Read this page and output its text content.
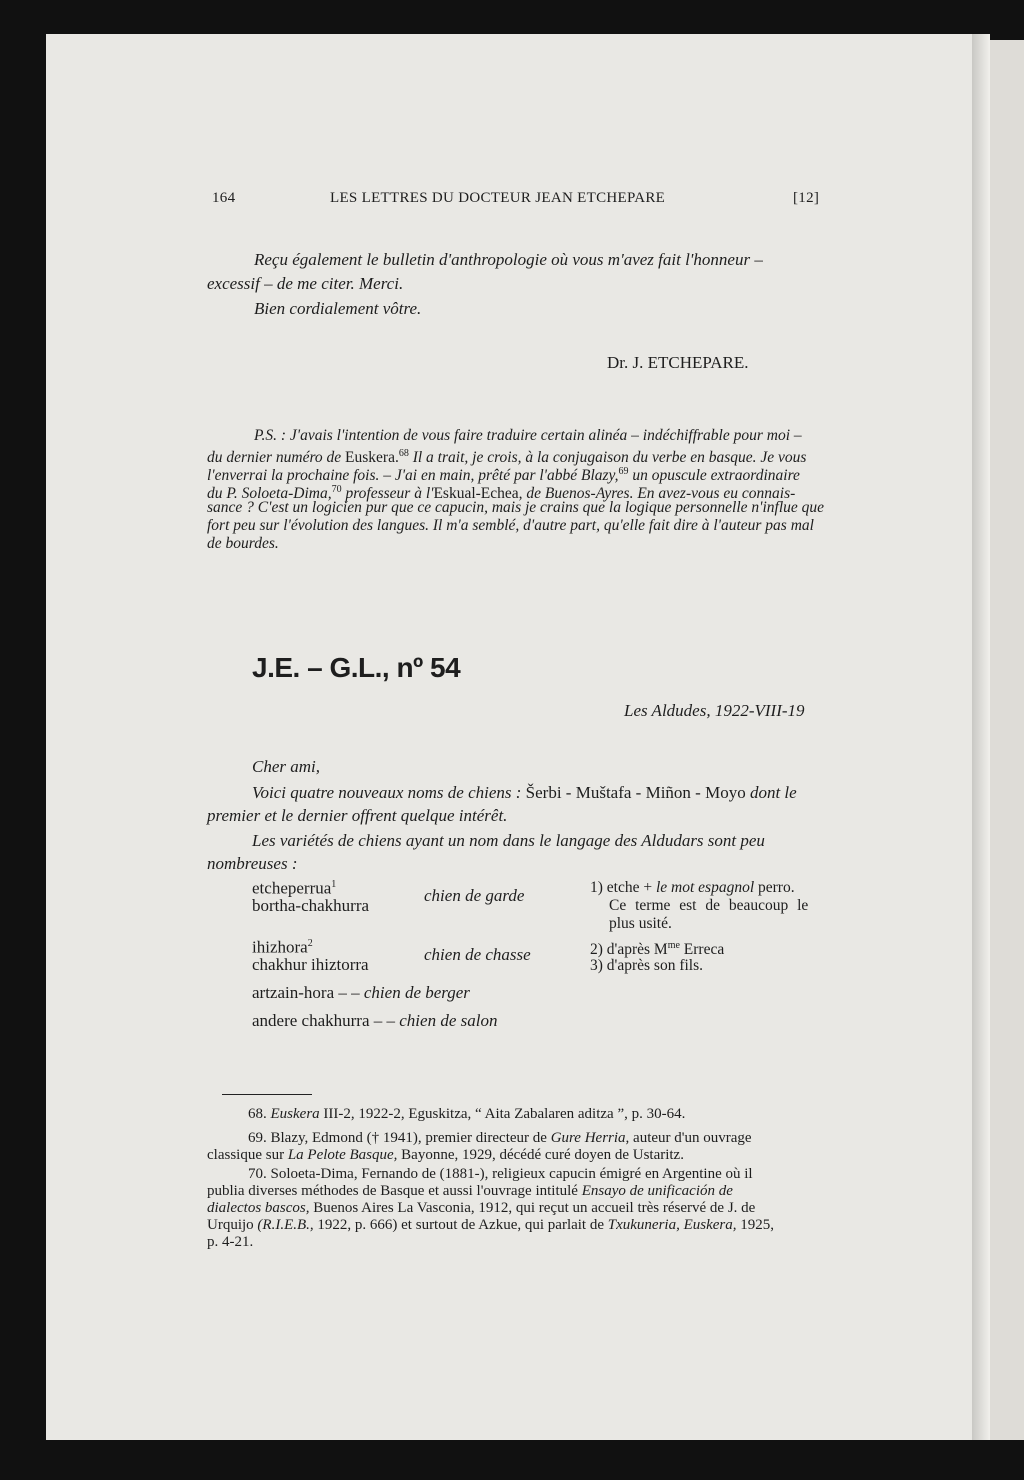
164	LES LETTRES DU DOCTEUR JEAN ETCHEPARE	[12]
Reçu également le bulletin d'anthropologie où vous m'avez fait l'honneur –
excessif – de me citer. Merci.
Bien cordialement vôtre.
Dr. J. ETCHEPARE.
P.S. : J'avais l'intention de vous faire traduire certain alinéa – indéchiffrable pour moi –
du dernier numéro de Euskera.$^{68}$ Il a trait, je crois, à la conjugaison du verbe en basque. Je vous
l'enverrai la prochaine fois. – J'ai en main, prêté par l'abbé Blazy,$^{69}$ un opuscule extraordinaire
du P. Soloeta-Dima,$^{70}$ professeur à l'Eskual-Echea, de Buenos-Ayres. En avez-vous eu connais-
sance ? C'est un logicien pur que ce capucin, mais je crains que la logique personnelle n'influe que
fort peu sur l'évolution des langues. Il m'a semblé, d'autre part, qu'elle fait dire à l'auteur pas mal
de bourdes.
J.E. – G.L., nº 54
Les Aldudes, 1922-VIII-19
Cher ami,
Voici quatre nouveaux noms de chiens : Šerbi - Muštafa - Miñon - Moyo dont le
premier et le dernier offrent quelque intérêt.
Les variétés de chiens ayant un nom dans le langage des Aldudars sont peu
nombreuses :
etcheperrua$^1$
bortha-chakhurra
chien de garde
ihizhora$^2$
chakhur ihiztorra
chien de chasse
artzain-hora – – chien de berger
andere chakhurra – – chien de salon
1) etche + le mot espagnol perro.
Ce terme est de beaucoup le
plus usité.
2) d'après $M^{me}$ Erreca
3) d'après son fils.
68. Euskera III-2, 1922-2, Eguskitza, “ Aita Zabalaren aditza ”, p. 30-64.
69. Blazy, Edmond († 1941), premier directeur de Gure Herria, auteur d'un ouvrage
classique sur La Pelote Basque, Bayonne, 1929, décédé curé doyen de Ustaritz.
70. Soloeta-Dima, Fernando de (1881-), religieux capucin émigré en Argentine où il
publia diverses méthodes de Basque et aussi l'ouvrage intitulé Ensayo de unificación de
dialectos bascos, Buenos Aires La Vasconia, 1912, qui reçut un accueil très réservé de J. de
Urquijo (R.I.E.B., 1922, p. 666) et surtout de Azkue, qui parlait de Txukuneria, Euskera, 1925,
p. 4-21.
